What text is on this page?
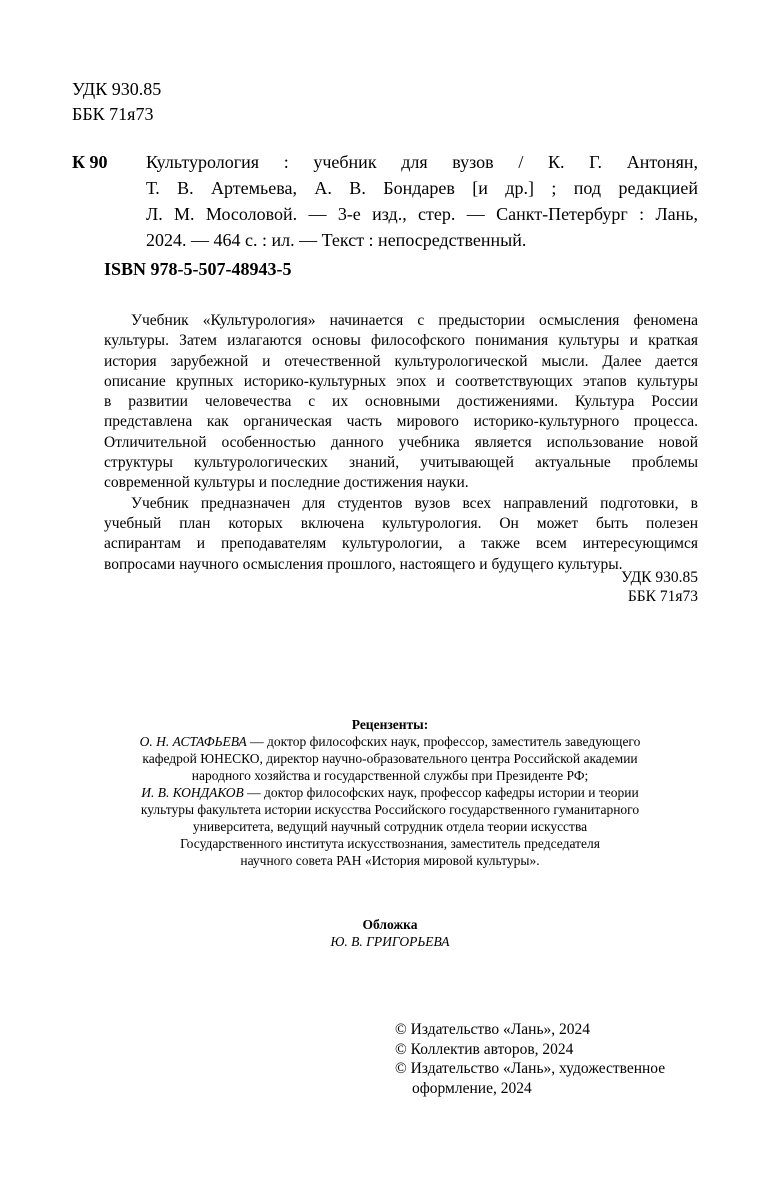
УДК 930.85
ББК 71я73
К 90 Культурология : учебник для вузов / К. Г. Антонян,
Т. В. Артемьева, А. В. Бондарев [и др.] ; под редакцией
Л. М. Мосоловой. — 3-е изд., стер. — Санкт-Петербург : Лань,
2024. — 464 с. : ил. — Текст : непосредственный.
ISBN 978-5-507-48943-5
Учебник «Культурология» начинается с предыстории осмысления феномена
культуры. Затем излагаются основы философского понимания культуры и краткая
история зарубежной и отечественной культурологической мысли. Далее дается
описание крупных историко-культурных эпох и соответствующих этапов культуры
в развитии человечества с их основными достижениями. Культура России
представлена как органическая часть мирового историко-культурного процесса.
Отличительной особенностью данного учебника является использование новой
структуры культурологических знаний, учитывающей актуальные проблемы
современной культуры и последние достижения науки.
Учебник предназначен для студентов вузов всех направлений подготовки, в
учебный план которых включена культурология. Он может быть полезен
аспирантам и преподавателям культурологии, а также всем интересующимся
вопросами научного осмысления прошлого, настоящего и будущего культуры.
УДК 930.85
ББК 71я73
Рецензенты:
О. Н. АСТАФЬЕВА — доктор философских наук, профессор, заместитель заведующего
кафедрой ЮНЕСКО, директор научно-образовательного центра Российской академии
народного хозяйства и государственной службы при Президенте РФ;
И. В. КОНДАКОВ — доктор философских наук, профессор кафедры истории и теории
культуры факультета истории искусства Российского государственного гуманитарного
университета, ведущий научный сотрудник отдела теории искусства
Государственного института искусствознания, заместитель председателя
научного совета РАН «История мировой культуры».
Обложка
Ю. В. ГРИГОРЬЕВА
© Издательство «Лань», 2024
© Коллектив авторов, 2024
© Издательство «Лань», художественное
оформление, 2024
